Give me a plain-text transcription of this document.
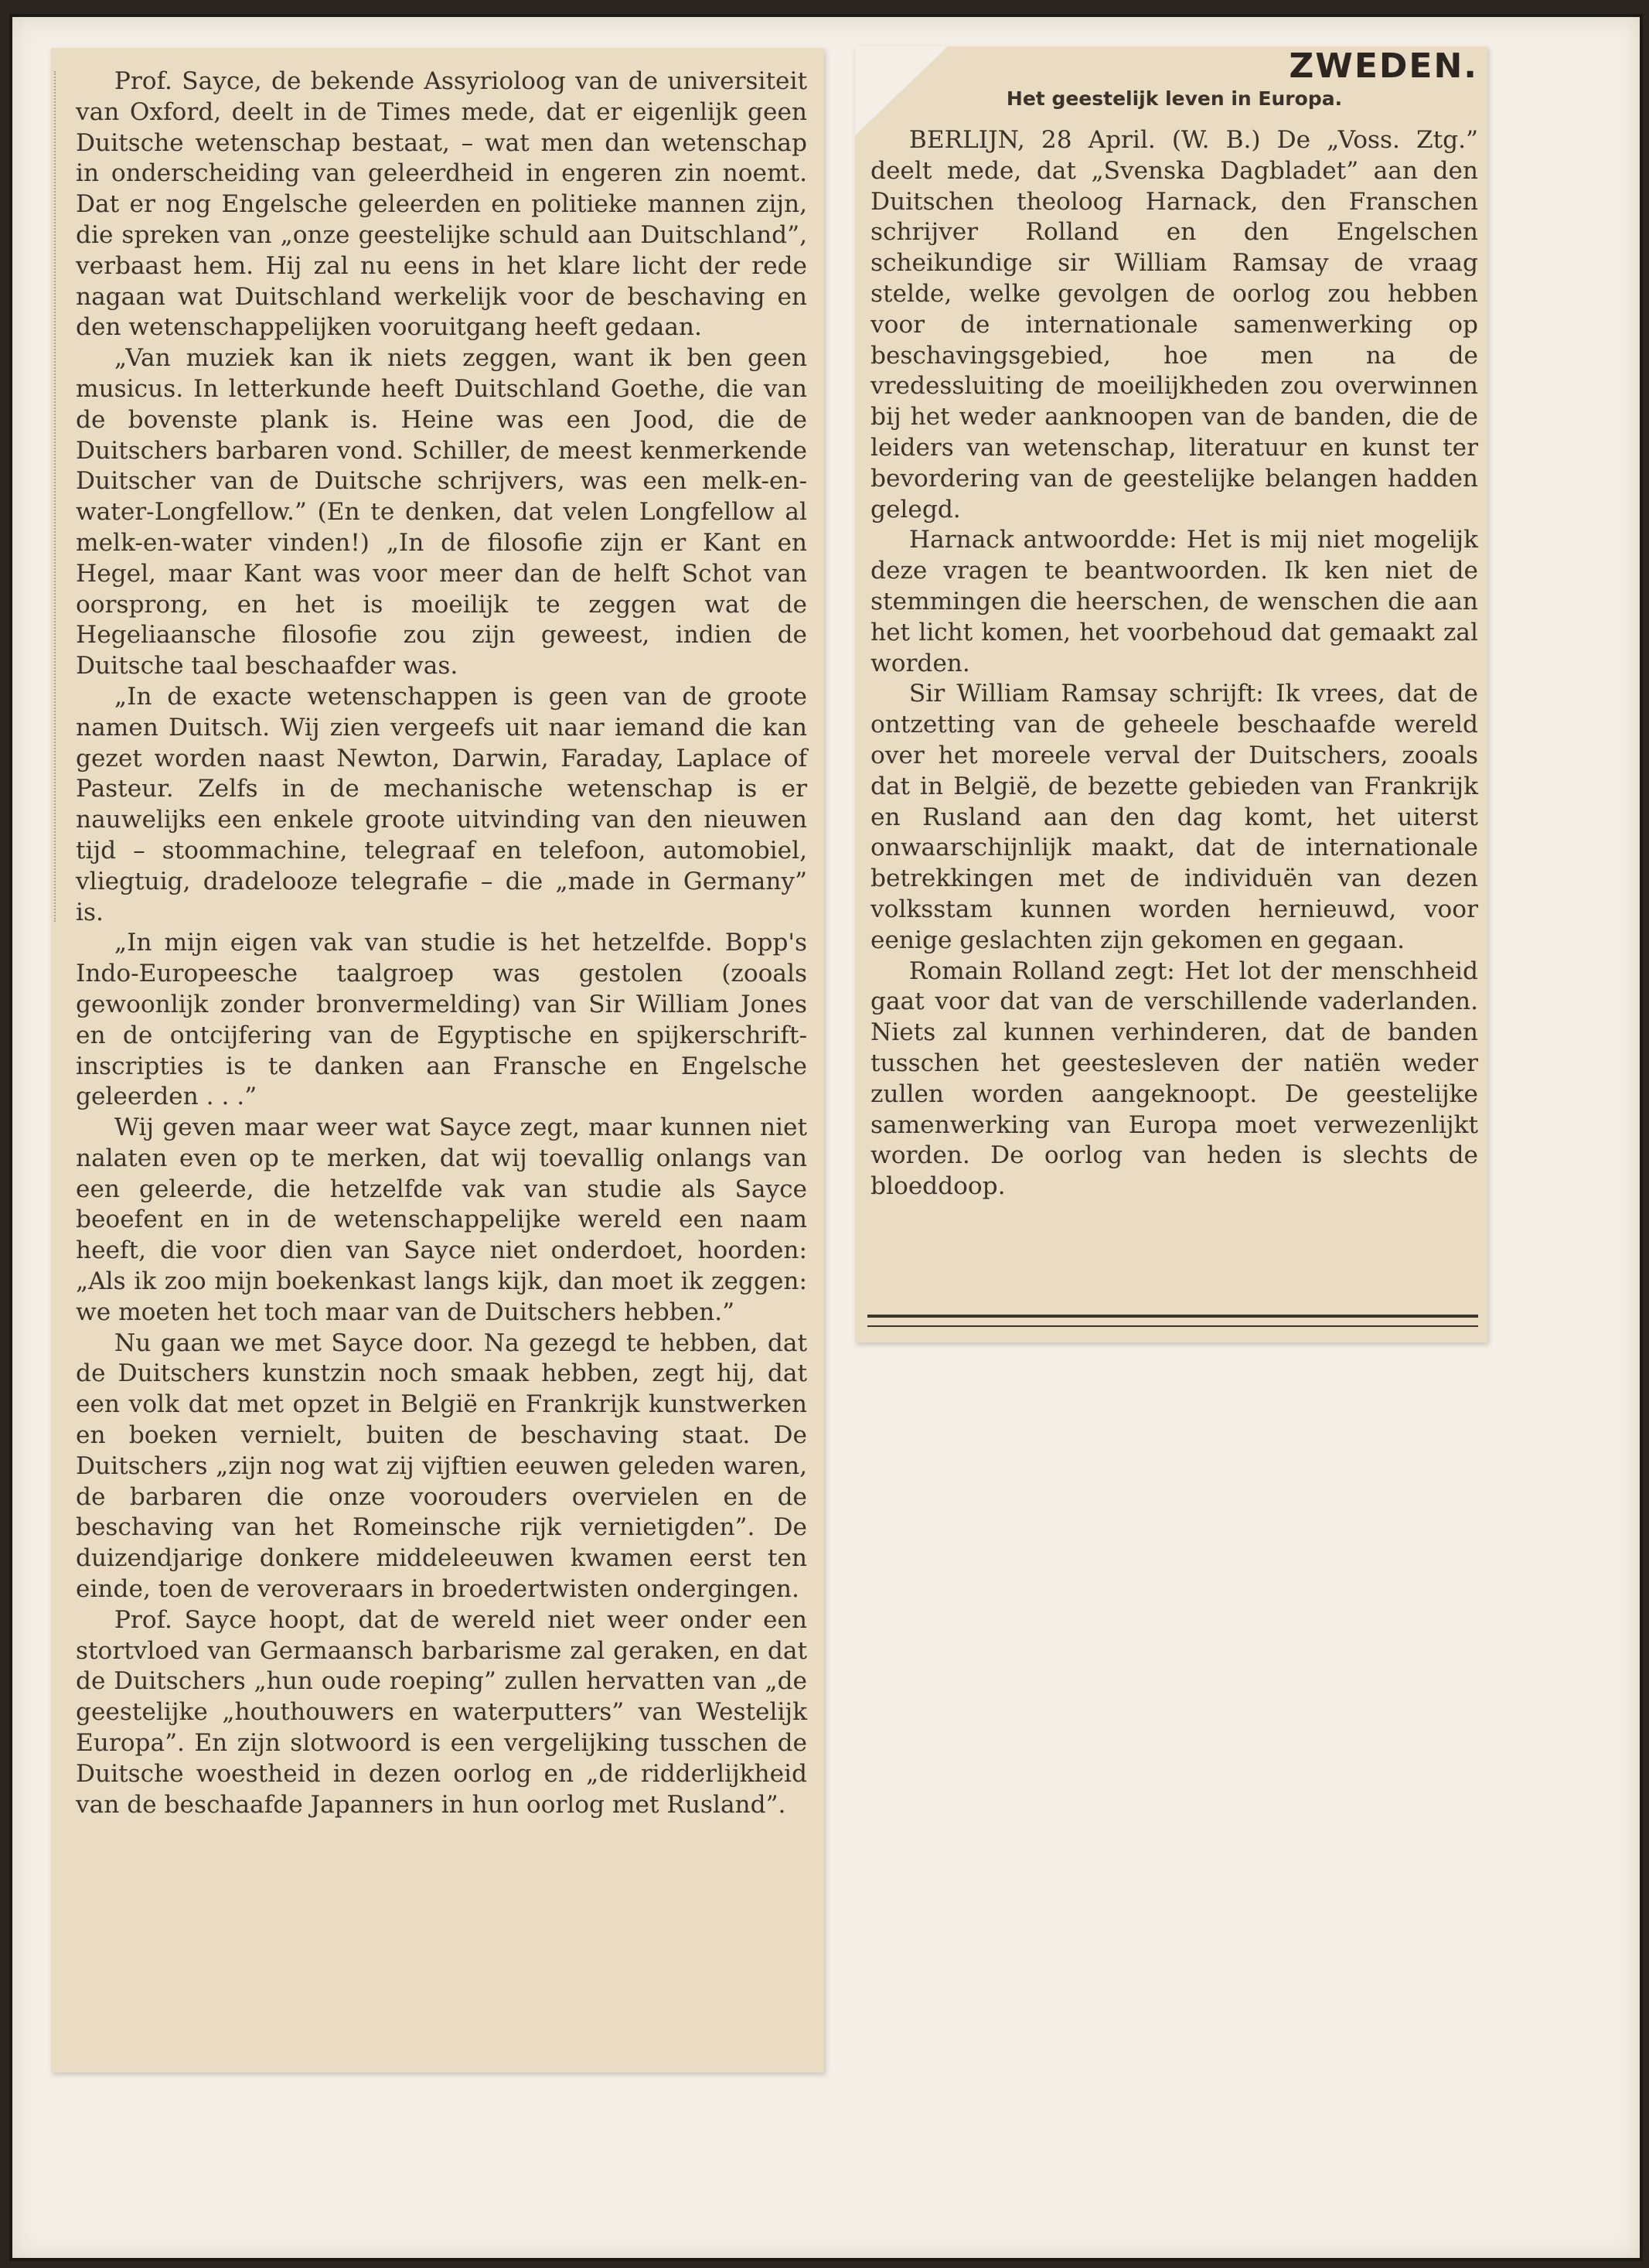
Prof. Sayce, de bekende Assyrioloog van de universiteit van Oxford, deelt in de Times mede, dat er eigenlijk geen Duitsche wetenschap bestaat, – wat men dan wetenschap in onderscheiding van geleerdheid in engeren zin noemt. Dat er nog Engelsche geleerden en politieke mannen zijn, die spreken van „onze geestelijke schuld aan Duitschland”, verbaast hem. Hij zal nu eens in het klare licht der rede nagaan wat Duitschland werkelijk voor de beschaving en den wetenschappelijken vooruitgang heeft gedaan.

„Van muziek kan ik niets zeggen, want ik ben geen musicus. In letterkunde heeft Duitschland Goethe, die van de bovenste plank is. Heine was een Jood, die de Duitschers barbaren vond. Schiller, de meest kenmerkende Duitscher van de Duitsche schrijvers, was een melk-en-water-Longfellow.” (En te denken, dat velen Longfellow al melk-en-water vinden!) „In de filosofie zijn er Kant en Hegel, maar Kant was voor meer dan de helft Schot van oorsprong, en het is moeilijk te zeggen wat de Hegeliaansche filosofie zou zijn geweest, indien de Duitsche taal beschaafder was.

„In de exacte wetenschappen is geen van de groote namen Duitsch. Wij zien vergeefs uit naar iemand die kan gezet worden naast Newton, Darwin, Faraday, Laplace of Pasteur. Zelfs in de mechanische wetenschap is er nauwelijks een enkele groote uitvinding van den nieuwen tijd – stoommachine, telegraaf en telefoon, automobiel, vliegtuig, dradelooze telegrafie – die „made in Germany” is.

„In mijn eigen vak van studie is het hetzelfde. Bopp's Indo-Europeesche taalgroep was gestolen (zooals gewoonlijk zonder bronvermelding) van Sir William Jones en de ontcijfering van de Egyptische en spijkerschrift-inscripties is te danken aan Fransche en Engelsche geleerden . . .”

Wij geven maar weer wat Sayce zegt, maar kunnen niet nalaten even op te merken, dat wij toevallig onlangs van een geleerde, die hetzelfde vak van studie als Sayce beoefent en in de wetenschappelijke wereld een naam heeft, die voor dien van Sayce niet onderdoet, hoorden: „Als ik zoo mijn boekenkast langs kijk, dan moet ik zeggen: we moeten het toch maar van de Duitschers hebben.”

Nu gaan we met Sayce door. Na gezegd te hebben, dat de Duitschers kunstzin noch smaak hebben, zegt hij, dat een volk dat met opzet in België en Frankrijk kunstwerken en boeken vernielt, buiten de beschaving staat. De Duitschers „zijn nog wat zij vijftien eeuwen geleden waren, de barbaren die onze voorouders overvielen en de beschaving van het Romeinsche rijk vernietigden”. De duizendjarige donkere middeleeuwen kwamen eerst ten einde, toen de veroveraars in broedertwisten ondergingen.

Prof. Sayce hoopt, dat de wereld niet weer onder een stortvloed van Germaansch barbarisme zal geraken, en dat de Duitschers „hun oude roeping” zullen hervatten van „de geestelijke „houthouwers en waterputters” van Westelijk Europa”. En zijn slotwoord is een vergelijking tusschen de Duitsche woestheid in dezen oorlog en „de ridderlijkheid van de beschaafde Japanners in hun oorlog met Rusland”.

ZWEDEN.
Het geestelijk leven in Europa.

BERLIJN, 28 April. (W. B.) De „Voss. Ztg.” deelt mede, dat „Svenska Dagbladet” aan den Duitschen theoloog Harnack, den Franschen schrijver Rolland en den Engelschen scheikundige sir William Ramsay de vraag stelde, welke gevolgen de oorlog zou hebben voor de internationale samenwerking op beschavingsgebied, hoe men na de vredessluiting de moeilijkheden zou overwinnen bij het weder aanknoopen van de banden, die de leiders van wetenschap, literatuur en kunst ter bevordering van de geestelijke belangen hadden gelegd.

Harnack antwoordde: Het is mij niet mogelijk deze vragen te beantwoorden. Ik ken niet de stemmingen die heerschen, de wenschen die aan het licht komen, het voorbehoud dat gemaakt zal worden.

Sir William Ramsay schrijft: Ik vrees, dat de ontzetting van de geheele beschaafde wereld over het moreele verval der Duitschers, zooals dat in België, de bezette gebieden van Frankrijk en Rusland aan den dag komt, het uiterst onwaarschijnlijk maakt, dat de internationale betrekkingen met de individuën van dezen volksstam kunnen worden hernieuwd, voor eenige geslachten zijn gekomen en gegaan.

Romain Rolland zegt: Het lot der menschheid gaat voor dat van de verschillende vaderlanden. Niets zal kunnen verhinderen, dat de banden tusschen het geestesleven der natiën weder zullen worden aangeknoopt. De geestelijke samenwerking van Europa moet verwezenlijkt worden. De oorlog van heden is slechts de bloeddoop.
